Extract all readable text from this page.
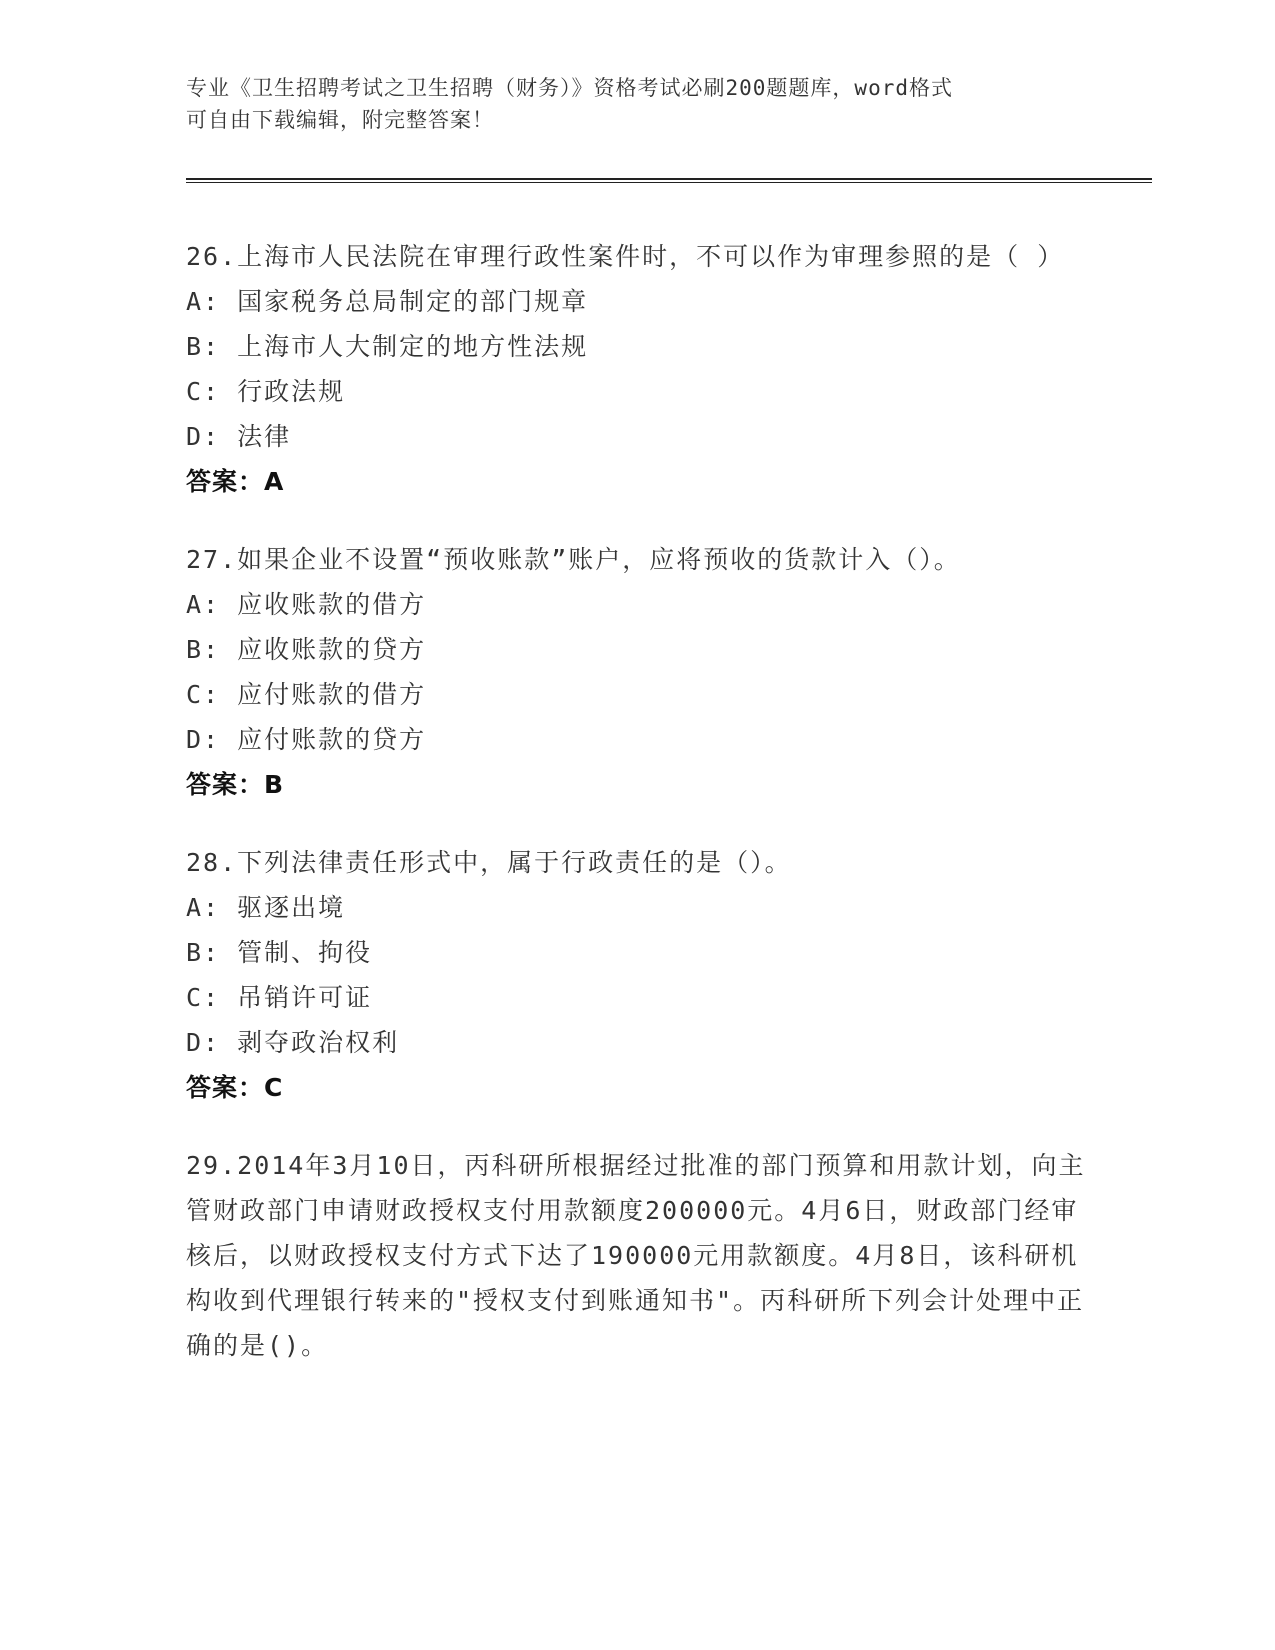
专业《卫生招聘考试之卫生招聘（财务）》资格考试必刷200题题库，word格式
可自由下载编辑，附完整答案！

26.上海市人民法院在审理行政性案件时，不可以作为审理参照的是（ ）

A: 国家税务总局制定的部门规章

B: 上海市人大制定的地方性法规

C: 行政法规

D: 法律

答案：A

27.如果企业不设置“预收账款”账户，应将预收的货款计入（）。

A: 应收账款的借方

B: 应收账款的贷方

C: 应付账款的借方

D: 应付账款的贷方

答案：B

28.下列法律责任形式中，属于行政责任的是（）。

A: 驱逐出境

B: 管制、拘役

C: 吊销许可证

D: 剥夺政治权利

答案：C

29.2014年3月10日，丙科研所根据经过批准的部门预算和用款计划，向主管财政部门申请财政授权支付用款额度200000元。4月6日，财政部门经审核后，以财政授权支付方式下达了190000元用款额度。4月8日，该科研机构收到代理银行转来的"授权支付到账通知书"。丙科研所下列会计处理中正确的是()。
